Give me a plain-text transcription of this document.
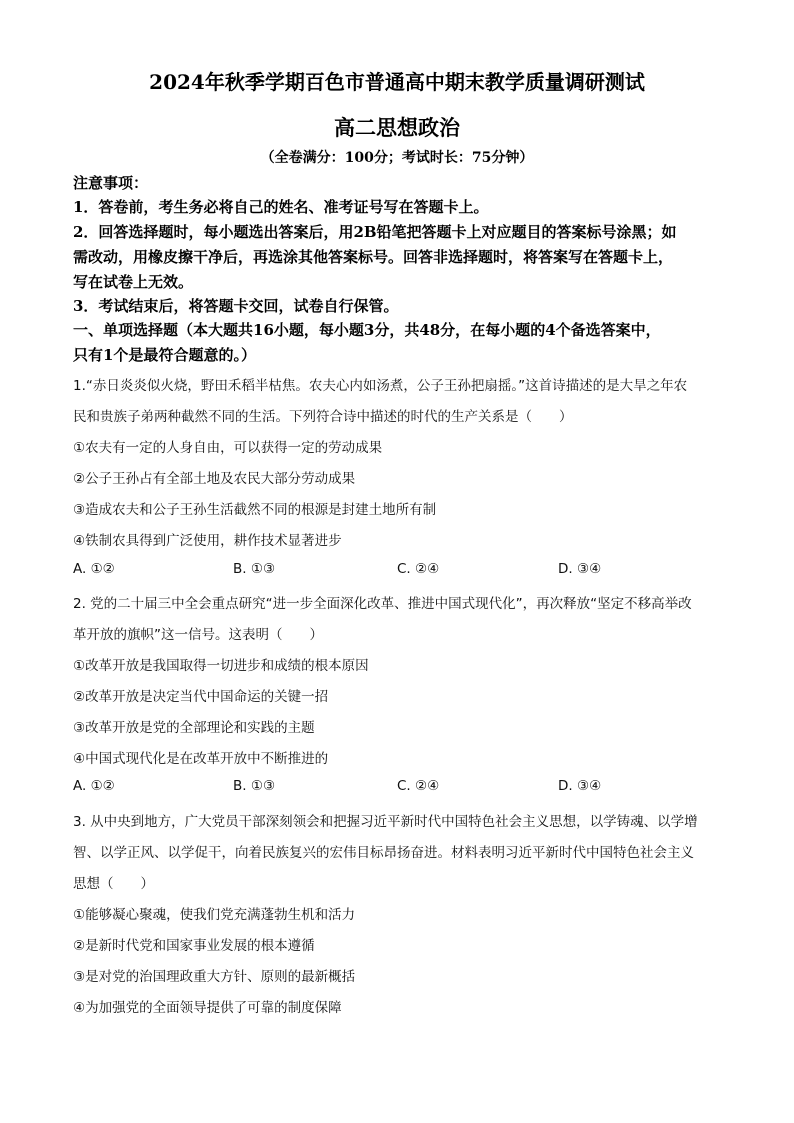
2024年秋季学期百色市普通高中期末教学质量调研测试
高二思想政治
（全卷满分：100分；考试时长：75分钟）
注意事项：
1．答卷前，考生务必将自己的姓名、准考证号写在答题卡上。
2．回答选择题时，每小题选出答案后，用2B铅笔把答题卡上对应题目的答案标号涂黑；如
需改动，用橡皮擦干净后，再选涂其他答案标号。回答非选择题时，将答案写在答题卡上，
写在试卷上无效。
3．考试结束后，将答题卡交回，试卷自行保管。
一、单项选择题（本大题共16小题，每小题3分，共48分，在每小题的4个备选答案中，
只有1个是最符合题意的。）
1.“赤日炎炎似火烧，野田禾稻半枯焦。农夫心内如汤煮，公子王孙把扇摇。”这首诗描述的是大旱之年农
民和贵族子弟两种截然不同的生活。下列符合诗中描述的时代的生产关系是（　　）
①农夫有一定的人身自由，可以获得一定的劳动成果
②公子王孙占有全部土地及农民大部分劳动成果
③造成农夫和公子王孙生活截然不同的根源是封建土地所有制
④铁制农具得到广泛使用，耕作技术显著进步
A. ①②	B. ①③	C. ②④	D. ③④
2. 党的二十届三中全会重点研究“进一步全面深化改革、推进中国式现代化”，再次释放“坚定不移高举改
革开放的旗帜”这一信号。这表明（　　）
①改革开放是我国取得一切进步和成绩的根本原因
②改革开放是决定当代中国命运的关键一招
③改革开放是党的全部理论和实践的主题
④中国式现代化是在改革开放中不断推进的
A. ①②	B. ①③	C. ②④	D. ③④
3. 从中央到地方，广大党员干部深刻领会和把握习近平新时代中国特色社会主义思想，以学铸魂、以学增
智、以学正风、以学促干，向着民族复兴的宏伟目标昂扬奋进。材料表明习近平新时代中国特色社会主义
思想（　　）
①能够凝心聚魂，使我们党充满蓬勃生机和活力
②是新时代党和国家事业发展的根本遵循
③是对党的治国理政重大方针、原则的最新概括
④为加强党的全面领导提供了可靠的制度保障
